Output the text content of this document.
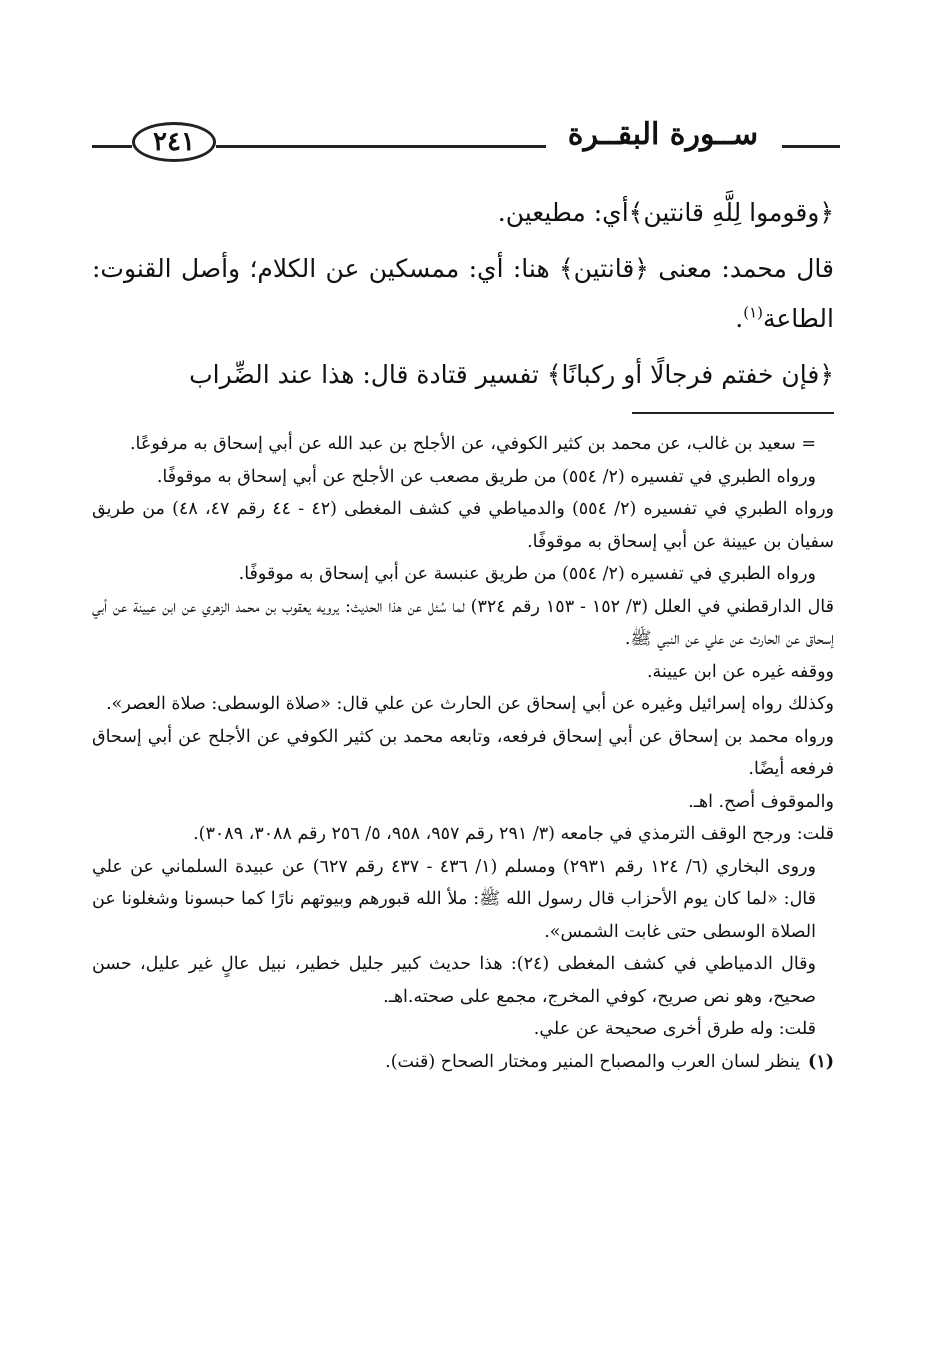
٢٤١	ســورة البقــرة

﴿وقوموا لِلَّهِ قانتين﴾أي: مطيعين.

قال محمد: معنى ﴿قانتين﴾ هنا: أي: ممسكين عن الكلام؛ وأصل القنوت: الطاعة$^{(١)}$.

﴿فإن خفتم فرجالًا أو ركبانًا﴾ تفسير قتادة قال: هذا عند الضِّراب

= سعيد بن غالب، عن محمد بن كثير الكوفي، عن الأجلح بن عبد الله عن أبي إسحاق به مرفوعًا.

ورواه الطبري في تفسيره (٢/ ٥٥٤) من طريق مصعب عن الأجلح عن أبي إسحاق به موقوفًا.

ورواه الطبري في تفسيره (٢/ ٥٥٤) والدمياطي في كشف المغطى (٤٢ - ٤٤ رقم ٤٧، ٤٨) من طريق سفيان بن عيينة عن أبي إسحاق به موقوفًا.

ورواه الطبري في تفسيره (٢/ ٥٥٤) من طريق عنبسة عن أبي إسحاق به موقوفًا.

قال الدارقطني في العلل (٣/ ١٥٢ - ١٥٣ رقم ٣٢٤) لما سُئل عن هذا الحديث: يرويه يعقوب بن محمد الزهري عن ابن عيينة عن أبي إسحاق عن الحارث عن علي عن النبي ﷺ.

ووقفه غيره عن ابن عيينة.

وكذلك رواه إسرائيل وغيره عن أبي إسحاق عن الحارث عن علي قال: «صلاة الوسطى: صلاة العصر».

ورواه محمد بن إسحاق عن أبي إسحاق فرفعه، وتابعه محمد بن كثير الكوفي عن الأجلح عن أبي إسحاق فرفعه أيضًا.

والموقوف أصح. اهـ.

قلت: ورجح الوقف الترمذي في جامعه (٣/ ٢٩١ رقم ٩٥٧، ٩٥٨، ٥/ ٢٥٦ رقم ٣٠٨٨، ٣٠٨٩).

وروى البخاري (٦/ ١٢٤ رقم ٢٩٣١) ومسلم (١/ ٤٣٦ - ٤٣٧ رقم ٦٢٧) عن عبيدة السلماني عن علي قال: «لما كان يوم الأحزاب قال رسول الله ﷺ: ملأ الله قبورهم وبيوتهم نارًا كما حبسونا وشغلونا عن الصلاة الوسطى حتى غابت الشمس».

وقال الدمياطي في كشف المغطى (٢٤): هذا حديث كبير جليل خطير، نبيل عالٍ غير عليل، حسن صحيح، وهو نص صريح، كوفي المخرج، مجمع على صحته.اهـ.

قلت: وله طرق أخرى صحيحة عن علي.

(١)ينظر لسان العرب والمصباح المنير ومختار الصحاح (قنت).
